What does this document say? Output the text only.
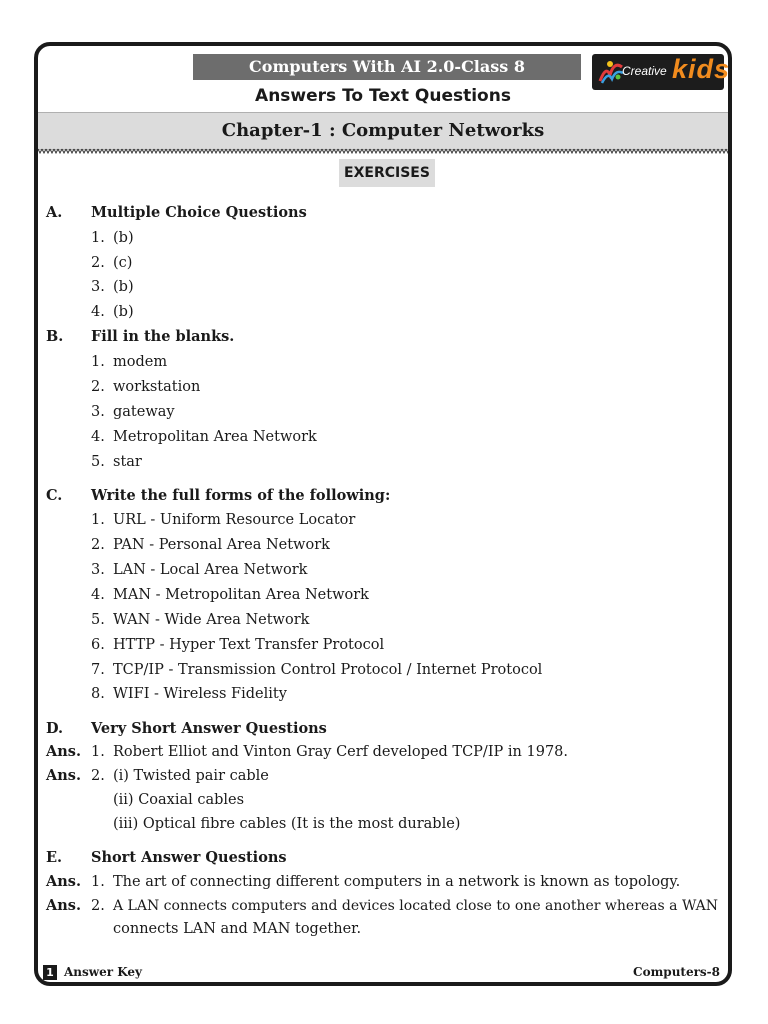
Computers With AI 2.0-Class 8	Creative kids
Answers To Text Questions
Chapter-1 : Computer Networks
EXERCISES
A. Multiple Choice Questions
1. (b)
2. (c)
3. (b)
4. (b)
B. Fill in the blanks.
1. modem
2. workstation
3. gateway
4. Metropolitan Area Network
5. star
C. Write the full forms of the following:
1. URL - Uniform Resource Locator
2. PAN - Personal Area Network
3. LAN - Local Area Network
4. MAN - Metropolitan Area Network
5. WAN - Wide Area Network
6. HTTP - Hyper Text Transfer Protocol
7. TCP/IP - Transmission Control Protocol / Internet Protocol
8. WIFI - Wireless Fidelity
D. Very Short Answer Questions
Ans. 1. Robert Elliot and Vinton Gray Cerf developed TCP/IP in 1978.
Ans. 2. (i) Twisted pair cable
(ii) Coaxial cables
(iii) Optical fibre cables (It is the most durable)
E. Short Answer Questions
Ans. 1. The art of connecting different computers in a network is known as topology.
Ans. 2. A LAN connects computers and devices located close to one another whereas a WAN
connects LAN and MAN together.
1 Answer Key	Computers-8
